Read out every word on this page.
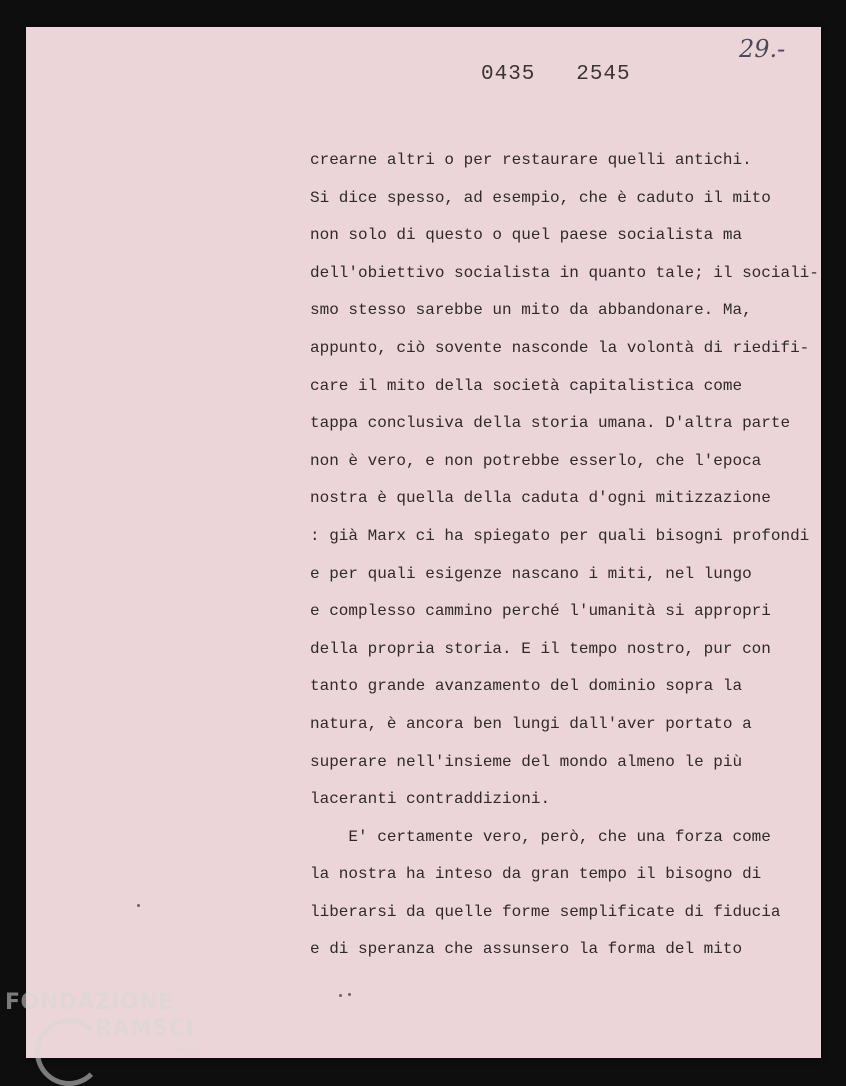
0435   2545
29.-
crearne altri o per restaurare quelli antichi.
Si dice spesso, ad esempio, che è caduto il mito
non solo di questo o quel paese socialista ma
dell'obiettivo socialista in quanto tale; il sociali-
smo stesso sarebbe un mito da abbandonare. Ma,
appunto, ciò sovente nasconde la volontà di riedifi-
care il mito della società capitalistica come
tappa conclusiva della storia umana. D'altra parte
non è vero, e non potrebbe esserlo, che l'epoca
nostra è quella della caduta d'ogni mitizzazione
: già Marx ci ha spiegato per quali bisogni profondi
e per quali esigenze nascano i miti, nel lungo
e complesso cammino perché l'umanità si appropri
della propria storia. E il tempo nostro, pur con
tanto grande avanzamento del dominio sopra la
natura, è ancora ben lungi dall'aver portato a
superare nell'insieme del mondo almeno le più
laceranti contraddizioni.
E' certamente vero, però, che una forza come
la nostra ha inteso da gran tempo il bisogno di
liberarsi da quelle forme semplificate di fiducia
e di speranza che assunsero la forma del mito
FONDAZIONE
RAMSCI
onlus
